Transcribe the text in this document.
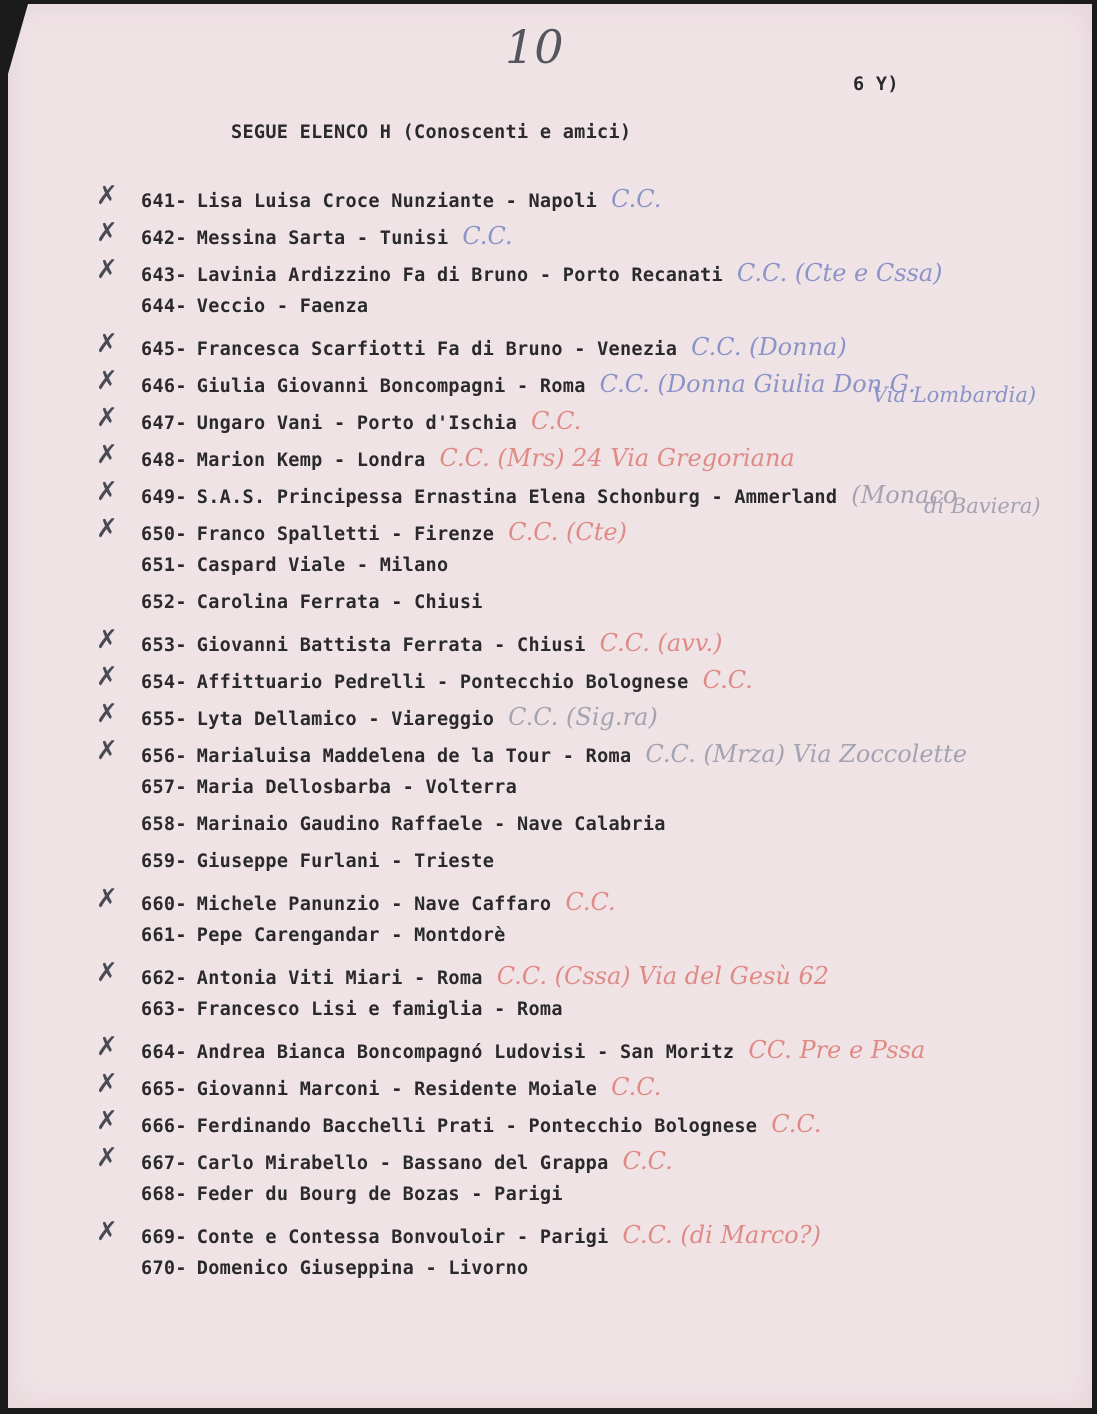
10
6 Y)
SEGUE ELENCO H (Conoscenti e amici)
✗	641- Lisa Luisa Croce Nunziante - Napoli C.C.
✗	642- Messina Sarta - Tunisi C.C.
✗	643- Lavinia Ardizzino Fa di Bruno - Porto Recanati C.C. (Cte e Cssa)
644- Veccio - Faenza
✗	645- Francesca Scarfiotti Fa di Bruno - Venezia C.C. (Donna)
✗	646- Giulia Giovanni Boncompagni - Roma C.C. (Donna Giulia Don G.
Via Lombardia)
✗	647- Ungaro Vani - Porto d'Ischia C.C.
✗	648- Marion Kemp - Londra C.C. (Mrs) 24 Via Gregoriana
✗	649- S.A.S. Principessa Ernastina Elena Schonburg - Ammerland (Monaco
di Baviera)
✗	650- Franco Spalletti - Firenze C.C. (Cte)
651- Caspard Viale - Milano
652- Carolina Ferrata - Chiusi
✗	653- Giovanni Battista Ferrata - Chiusi C.C. (avv.)
✗	654- Affittuario Pedrelli - Pontecchio Bolognese C.C.
✗	655- Lyta Dellamico - Viareggio C.C. (Sig.ra)
✗	656- Marialuisa Maddelena de la Tour - Roma C.C. (Mrza) Via Zoccolette
657- Maria Dellosbarba - Volterra
658- Marinaio Gaudino Raffaele - Nave Calabria
659- Giuseppe Furlani - Trieste
✗	660- Michele Panunzio - Nave Caffaro C.C.
661- Pepe Carengandar - Montdorè
✗	662- Antonia Viti Miari - Roma C.C. (Cssa) Via del Gesù 62
663- Francesco Lisi e famiglia - Roma
✗	664- Andrea Bianca Boncompagnó Ludovisi - San Moritz CC. Pre e Pssa
✗	665- Giovanni Marconi - Residente Moiale C.C.
✗	666- Ferdinando Bacchelli Prati - Pontecchio Bolognese C.C.
✗	667- Carlo Mirabello - Bassano del Grappa C.C.
668- Feder du Bourg de Bozas - Parigi
✗	669- Conte e Contessa Bonvouloir - Parigi C.C. (di Marco?)
670- Domenico Giuseppina - Livorno
